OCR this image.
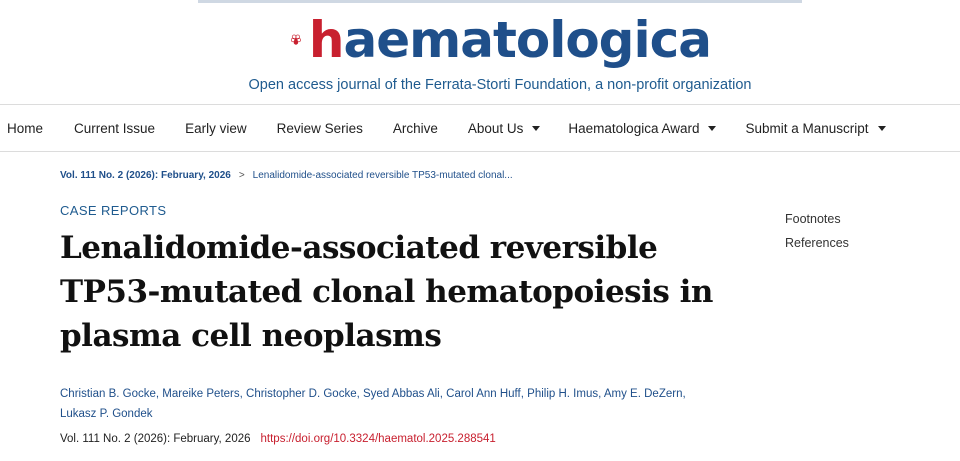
haematologica
Open access journal of the Ferrata-Storti Foundation, a non-profit organization
Home Current Issue Early view Review Series Archive About Us	Haematologica Award	Submit a Manuscript
Vol. 111 No. 2 (2026): February, 2026 > Lenalidomide-associated reversible TP53-mutated clonal...
CASE REPORTS
Lenalidomide-associated reversible TP53-mutated clonal hematopoiesis in plasma cell neoplasms
Christian B. Gocke, Mareike Peters, Christopher D. Gocke, Syed Abbas Ali, Carol Ann Huff, Philip H. Imus, Amy E. DeZern, Lukasz P. Gondek
Vol. 111 No. 2 (2026): February, 2026 https://doi.org/10.3324/haematol.2025.288541
Footnotes
References
